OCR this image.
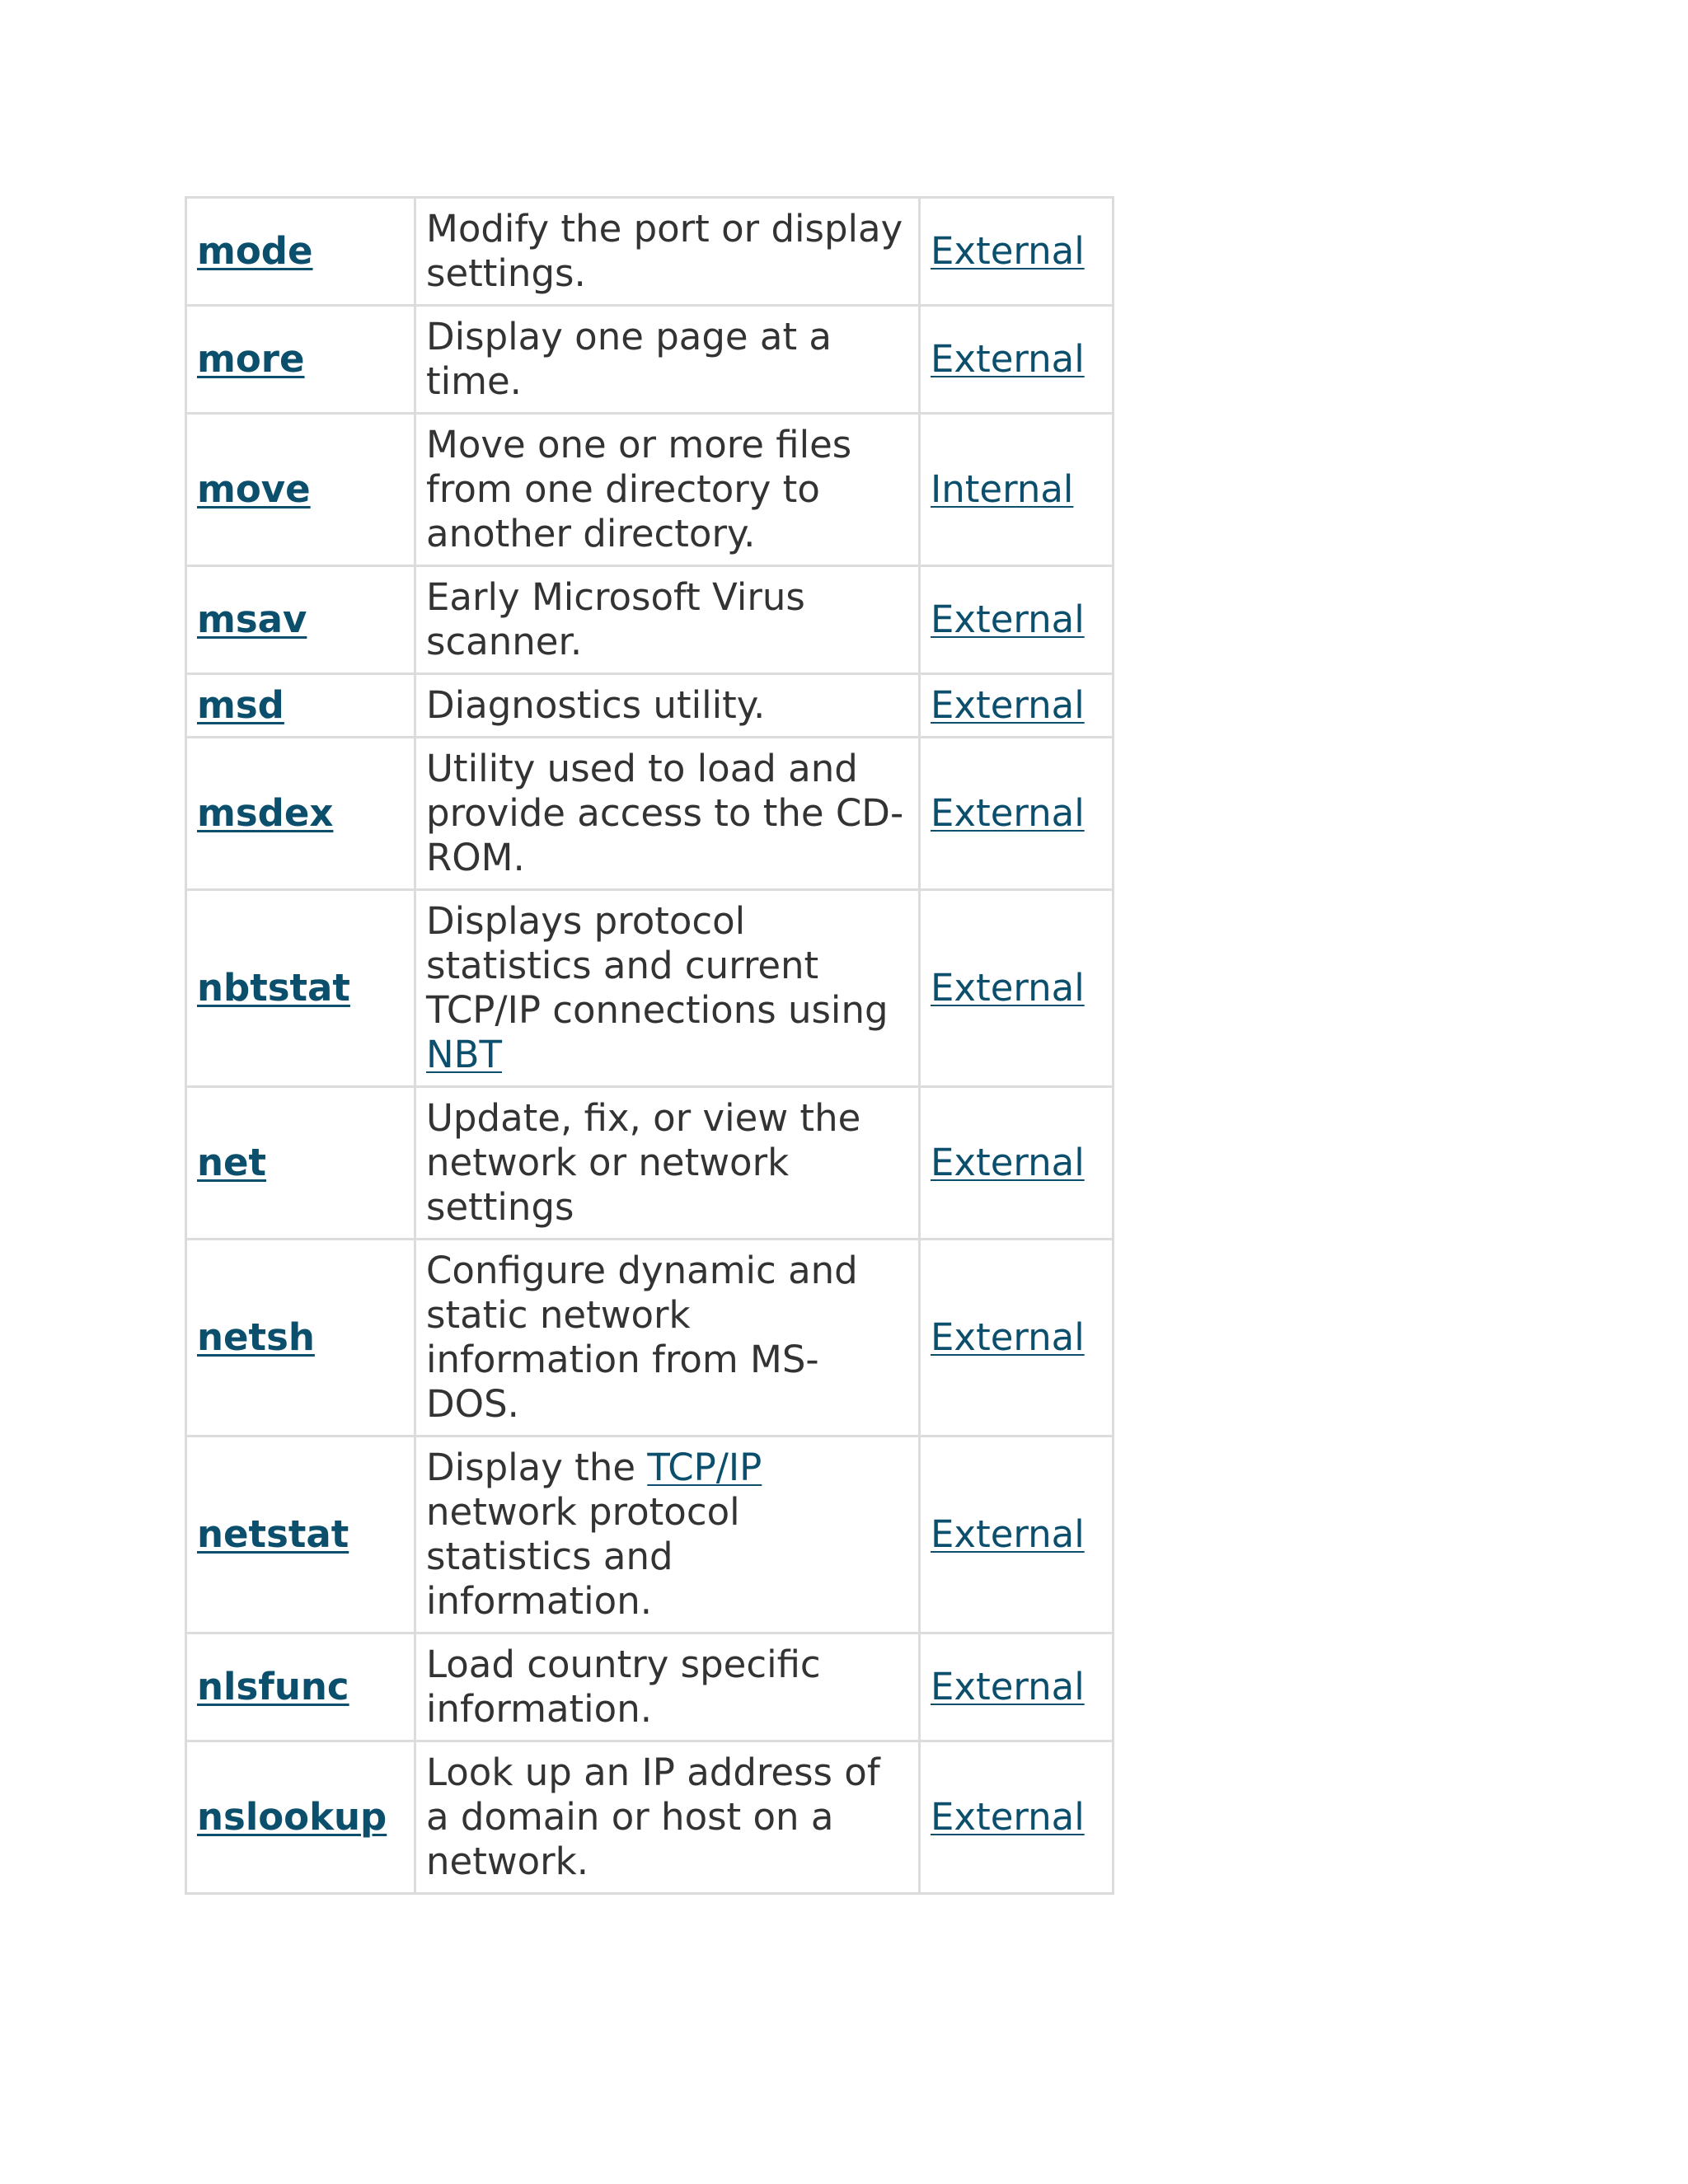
mode	Modify the port or display settings.	External
more	Display one page at a time.	External
move	Move one or more files from one directory to another directory.	Internal
msav	Early Microsoft Virus scanner.	External
msd	Diagnostics utility.	External
msdex	Utility used to load and provide access to the CD-ROM.	External
nbtstat	Displays protocol statistics and current TCP/IP connections using NBT	External
net	Update, fix, or view the network or network settings	External
netsh	Configure dynamic and static network information from MS-DOS.	External
netstat	Display the TCP/IP network protocol statistics and information.	External
nlsfunc	Load country specific information.	External
nslookup	Look up an IP address of a domain or host on a network.	External
